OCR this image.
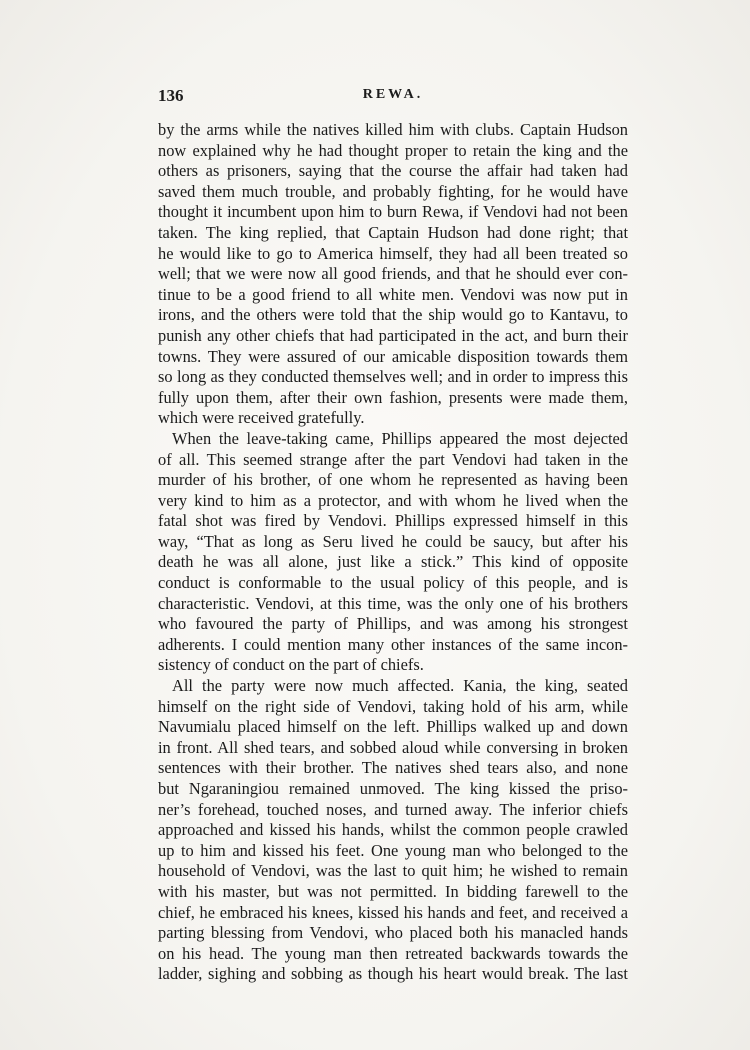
136	REWA.
by the arms while the natives killed him with clubs. Captain Hudson
now explained why he had thought proper to retain the king and the
others as prisoners, saying that the course the affair had taken had
saved them much trouble, and probably fighting, for he would have
thought it incumbent upon him to burn Rewa, if Vendovi had not been
taken. The king replied, that Captain Hudson had done right; that
he would like to go to America himself, they had all been treated so
well; that we were now all good friends, and that he should ever con-
tinue to be a good friend to all white men. Vendovi was now put in
irons, and the others were told that the ship would go to Kantavu, to
punish any other chiefs that had participated in the act, and burn their
towns. They were assured of our amicable disposition towards them
so long as they conducted themselves well; and in order to impress this
fully upon them, after their own fashion, presents were made them,
which were received gratefully.
When the leave-taking came, Phillips appeared the most dejected
of all. This seemed strange after the part Vendovi had taken in the
murder of his brother, of one whom he represented as having been
very kind to him as a protector, and with whom he lived when the
fatal shot was fired by Vendovi. Phillips expressed himself in this
way, “That as long as Seru lived he could be saucy, but after his
death he was all alone, just like a stick.” This kind of opposite
conduct is conformable to the usual policy of this people, and is
characteristic. Vendovi, at this time, was the only one of his brothers
who favoured the party of Phillips, and was among his strongest
adherents. I could mention many other instances of the same incon-
sistency of conduct on the part of chiefs.
All the party were now much affected. Kania, the king, seated
himself on the right side of Vendovi, taking hold of his arm, while
Navumialu placed himself on the left. Phillips walked up and down
in front. All shed tears, and sobbed aloud while conversing in broken
sentences with their brother. The natives shed tears also, and none
but Ngaraningiou remained unmoved. The king kissed the priso-
ner’s forehead, touched noses, and turned away. The inferior chiefs
approached and kissed his hands, whilst the common people crawled
up to him and kissed his feet. One young man who belonged to the
household of Vendovi, was the last to quit him; he wished to remain
with his master, but was not permitted. In bidding farewell to the
chief, he embraced his knees, kissed his hands and feet, and received a
parting blessing from Vendovi, who placed both his manacled hands
on his head. The young man then retreated backwards towards the
ladder, sighing and sobbing as though his heart would break. The last
